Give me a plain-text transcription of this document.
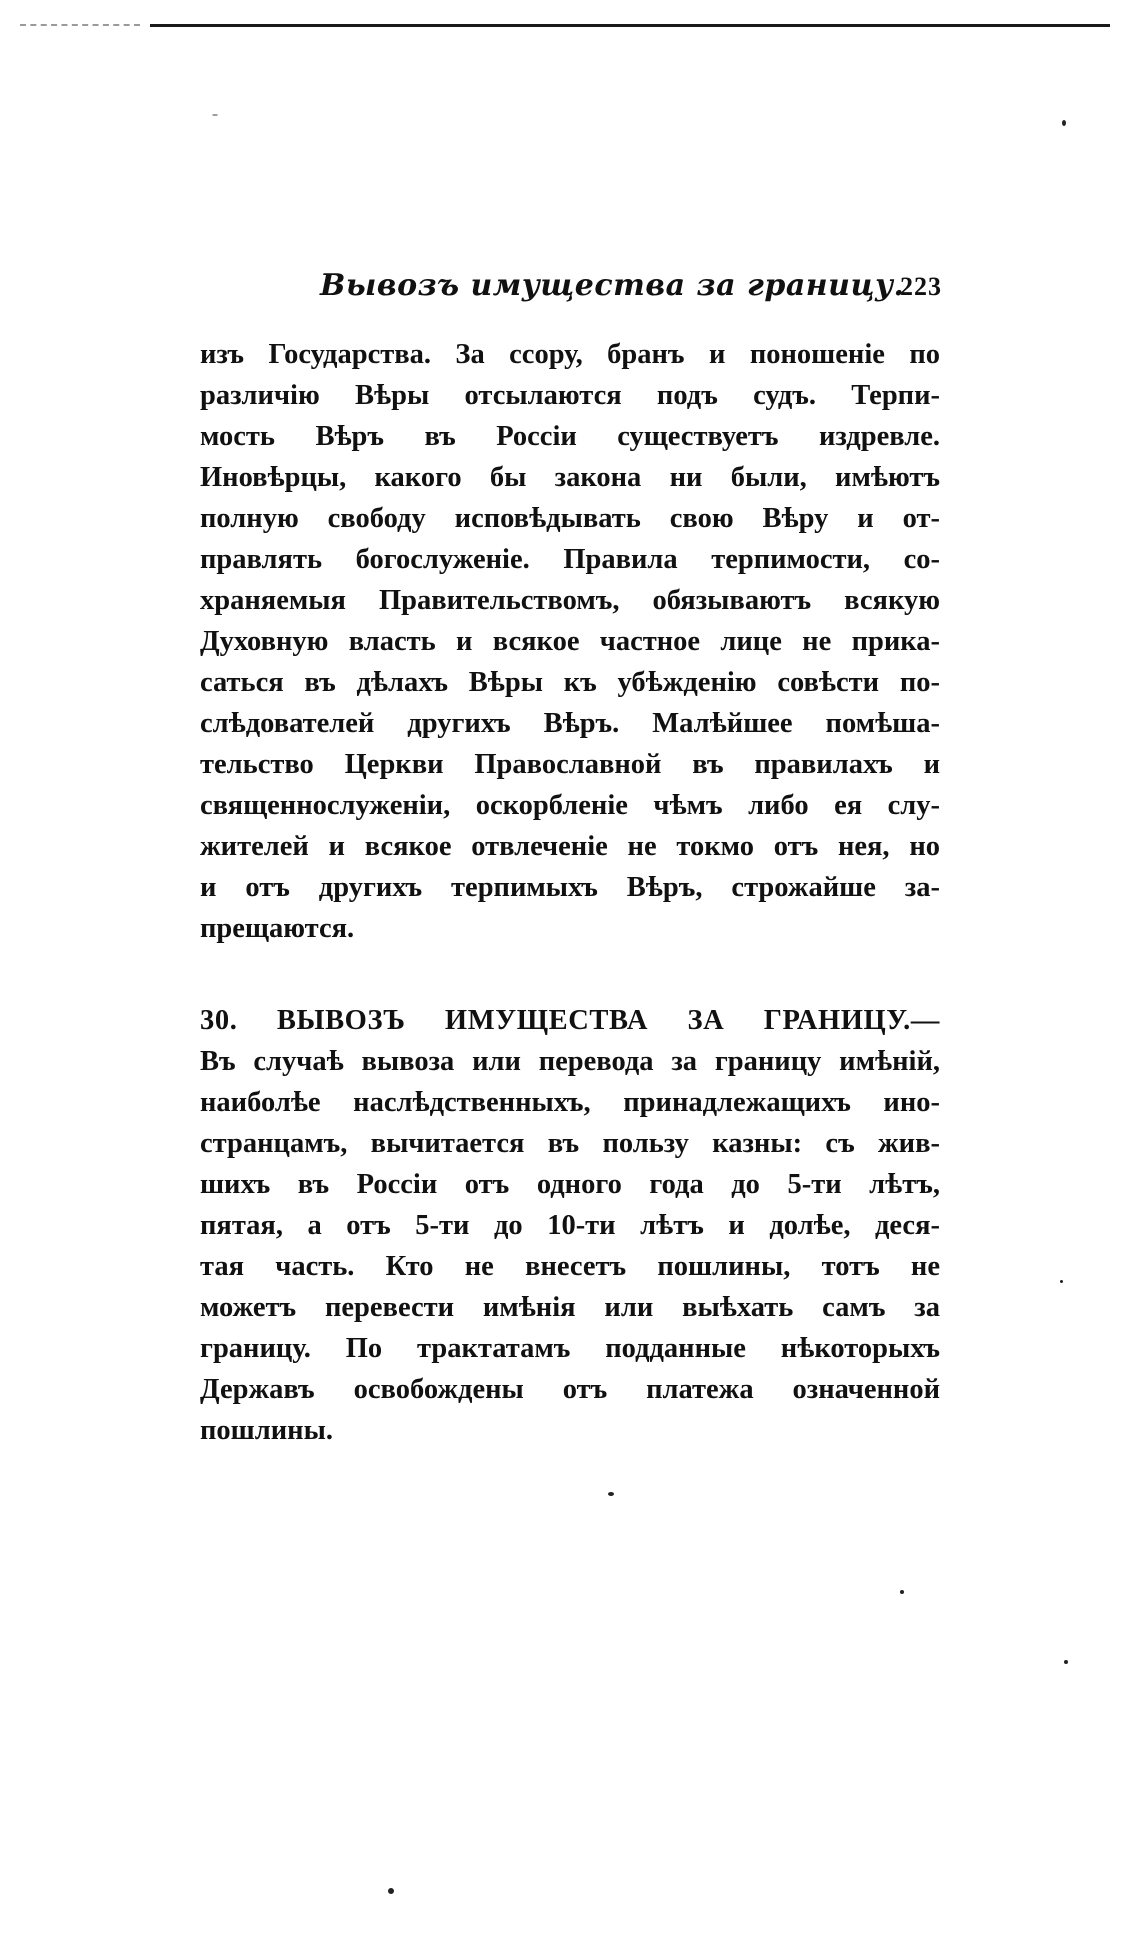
Вывозъ имущества за границу.
223
изъ Государства. За ссору, бранъ и поношеніе по
различію Вѣры отсылаются подъ судъ. Терпи-
мость Вѣръ въ Россіи существуетъ издревле.
Иновѣрцы, какого бы закона ни были, имѣютъ
полную свободу исповѣдывать свою Вѣру и от-
правлять богослуженіе. Правила терпимости, со-
храняемыя Правительствомъ, обязываютъ всякую
Духовную власть и всякое частное лице не прика-
саться въ дѣлахъ Вѣры къ убѣжденію совѣсти по-
слѣдователей другихъ Вѣръ. Малѣйшее помѣша-
тельство Церкви Православной въ правилахъ и
священнослуженіи, оскорбленіе чѣмъ либо ея слу-
жителей и всякое отвлеченіе не токмо отъ нея, но
и отъ другихъ терпимыхъ Вѣръ, строжайше за-
прещаются.
30. ВЫВОЗЪ ИМУЩЕСТВА ЗА ГРАНИЦУ.—
Въ случаѣ вывоза или перевода за границу имѣній,
наиболѣе наслѣдственныхъ, принадлежащихъ ино-
странцамъ, вычитается въ пользу казны: съ жив-
шихъ въ Россіи отъ одного года до 5-ти лѣтъ,
пятая, а отъ 5-ти до 10-ти лѣтъ и долѣе, деся-
тая часть. Кто не внесетъ пошлины, тотъ не
можетъ перевести имѣнія или выѣхать самъ за
границу. По трактатамъ подданные нѣкоторыхъ
Державъ освобождены отъ платежа означенной
пошлины.
